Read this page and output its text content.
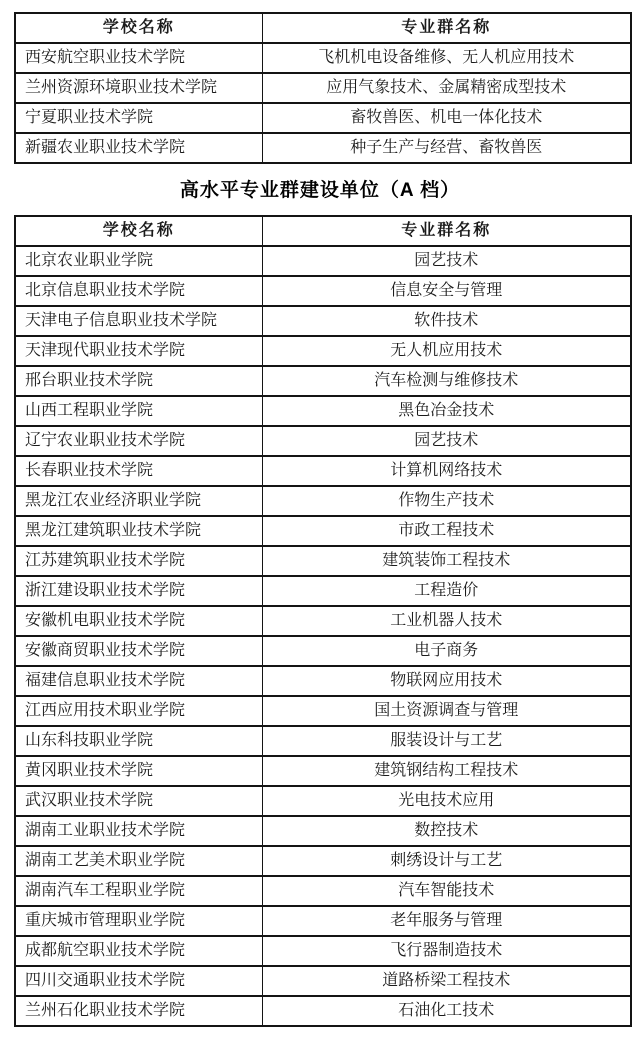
学校名称	专业群名称
西安航空职业技术学院	飞机机电设备维修、无人机应用技术
兰州资源环境职业技术学院	应用气象技术、金属精密成型技术
宁夏职业技术学院	畜牧兽医、机电一体化技术
新疆农业职业技术学院	种子生产与经营、畜牧兽医
高水平专业群建设单位（A 档）
学校名称	专业群名称
北京农业职业学院	园艺技术
北京信息职业技术学院	信息安全与管理
天津电子信息职业技术学院	软件技术
天津现代职业技术学院	无人机应用技术
邢台职业技术学院	汽车检测与维修技术
山西工程职业学院	黑色冶金技术
辽宁农业职业技术学院	园艺技术
长春职业技术学院	计算机网络技术
黑龙江农业经济职业学院	作物生产技术
黑龙江建筑职业技术学院	市政工程技术
江苏建筑职业技术学院	建筑装饰工程技术
浙江建设职业技术学院	工程造价
安徽机电职业技术学院	工业机器人技术
安徽商贸职业技术学院	电子商务
福建信息职业技术学院	物联网应用技术
江西应用技术职业学院	国土资源调查与管理
山东科技职业学院	服装设计与工艺
黄冈职业技术学院	建筑钢结构工程技术
武汉职业技术学院	光电技术应用
湖南工业职业技术学院	数控技术
湖南工艺美术职业学院	刺绣设计与工艺
湖南汽车工程职业学院	汽车智能技术
重庆城市管理职业学院	老年服务与管理
成都航空职业技术学院	飞行器制造技术
四川交通职业技术学院	道路桥梁工程技术
兰州石化职业技术学院	石油化工技术
